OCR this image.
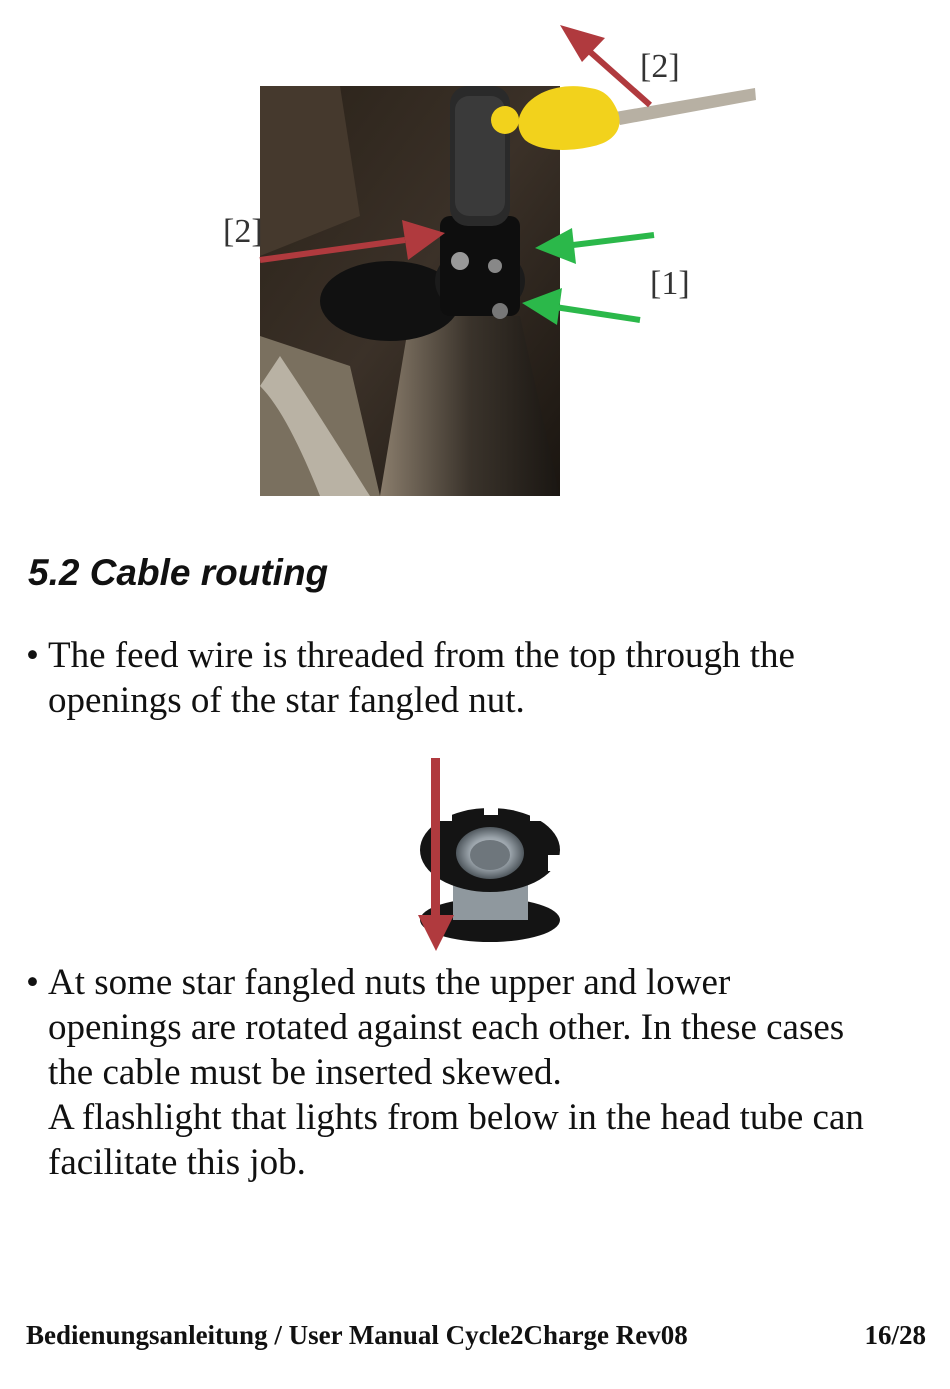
[2]
[2]
[1]
5.2 Cable routing
• The feed wire is threaded from the top through the
openings of the star fangled nut.
• At some star fangled nuts the upper and lower
openings are rotated against each other. In these cases
the cable must be inserted skewed.
A flashlight that lights from below in the head tube can
facilitate this job.
Bedienungsanleitung / User Manual Cycle2Charge Rev08	16/28
